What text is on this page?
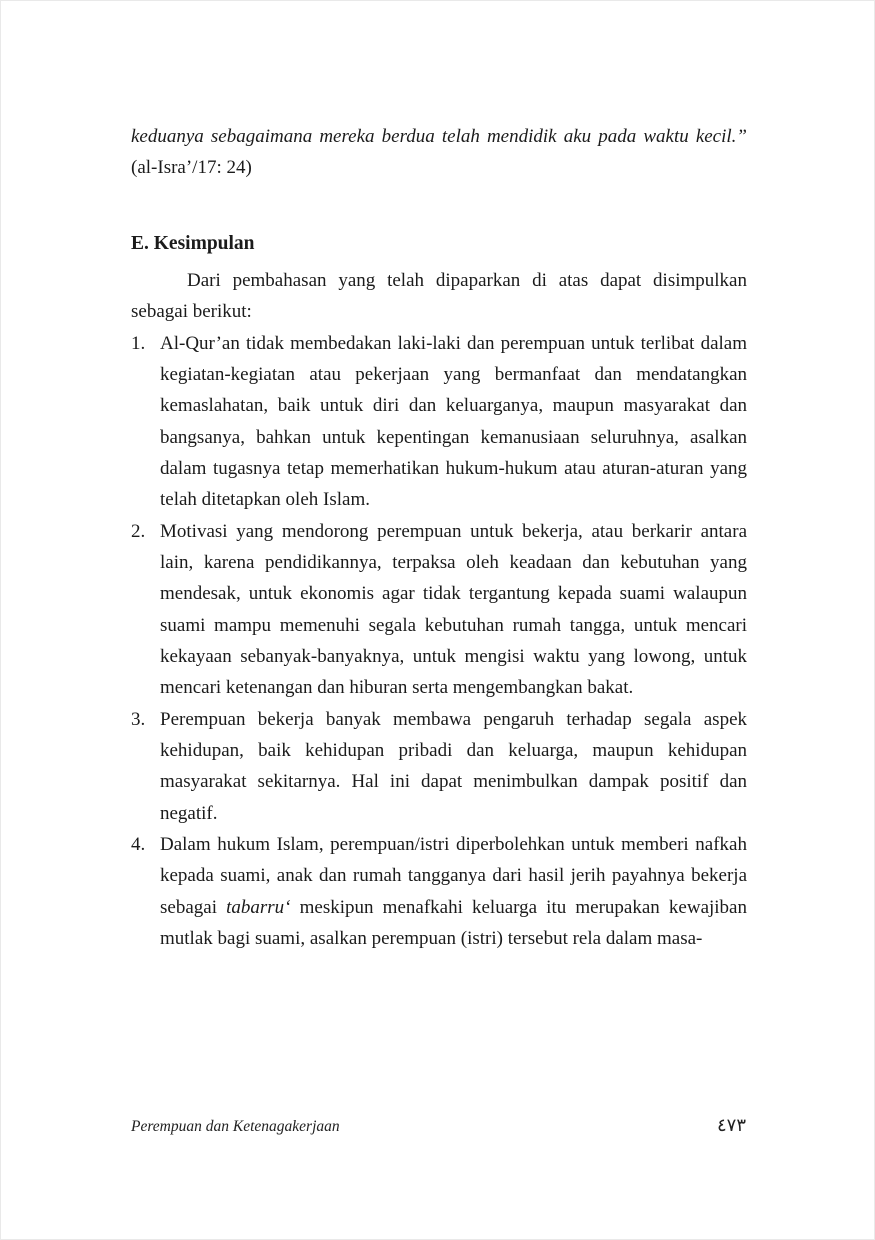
keduanya sebagaimana mereka berdua telah mendidik aku pada waktu kecil.” (al-Isra’/17: 24)

E. Kesimpulan

Dari pembahasan yang telah dipaparkan di atas dapat disimpulkan sebagai berikut:

1. Al-Qur’an tidak membedakan laki-laki dan perempuan untuk terlibat dalam kegiatan-kegiatan atau pekerjaan yang bermanfaat dan mendatangkan kemaslahatan, baik untuk diri dan keluarganya, maupun masyarakat dan bangsanya, bahkan untuk kepentingan kemanusiaan seluruhnya, asalkan dalam tugasnya tetap memerhatikan hukum-hukum atau aturan-aturan yang telah ditetapkan oleh Islam.
2. Motivasi yang mendorong perempuan untuk bekerja, atau berkarir antara lain, karena pendidikannya, terpaksa oleh keadaan dan kebutuhan yang mendesak, untuk ekonomis agar tidak tergantung kepada suami walaupun suami mampu memenuhi segala kebutuhan rumah tangga, untuk mencari kekayaan sebanyak-banyaknya, untuk mengisi waktu yang lowong, untuk mencari ketenangan dan hiburan serta mengembangkan bakat.
3. Perempuan bekerja banyak membawa pengaruh terhadap segala aspek kehidupan, baik kehidupan pribadi dan keluarga, maupun kehidupan masyarakat sekitarnya. Hal ini dapat menimbulkan dampak positif dan negatif.
4. Dalam hukum Islam, perempuan/istri diperbolehkan untuk memberi nafkah kepada suami, anak dan rumah tangganya dari hasil jerih payahnya bekerja sebagai tabarru‘ meskipun menafkahi keluarga itu merupakan kewajiban mutlak bagi suami, asalkan perempuan (istri) tersebut rela dalam masa-
Perempuan dan Ketenagakerjaan	٤٧٣
